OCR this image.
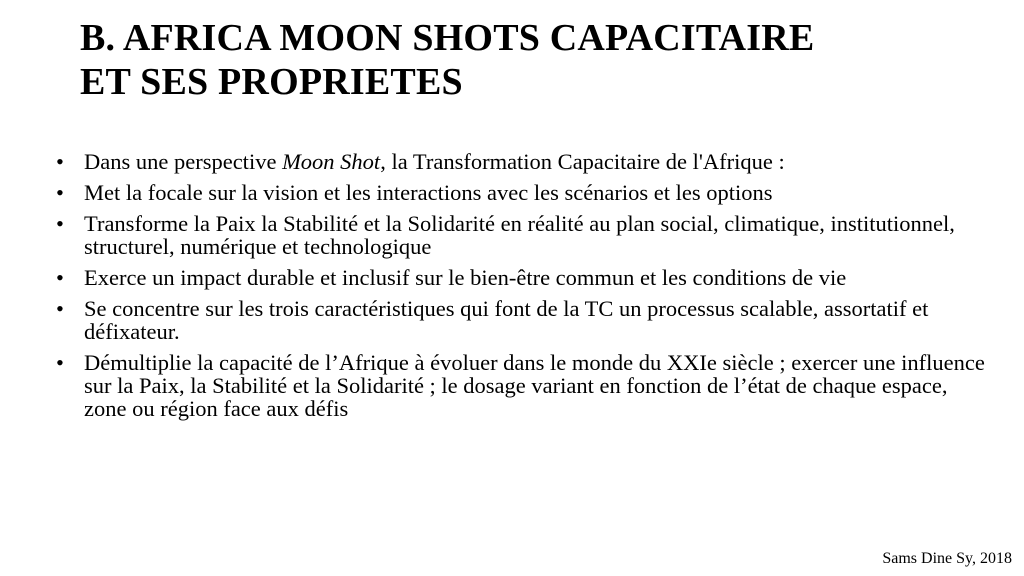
B. AFRICA MOON SHOTS CAPACITAIRE
ET SES PROPRIETES
• Dans une perspective Moon Shot, la Transformation Capacitaire de l'Afrique :
• Met la focale sur la vision et les interactions avec les scénarios et les options
• Transforme la Paix la Stabilité et la Solidarité en réalité au plan social, climatique, institutionnel, structurel, numérique et technologique
• Exerce un impact durable et inclusif sur le bien-être commun et les conditions de vie
• Se concentre sur les trois caractéristiques qui font de la TC un processus scalable, assortatif et défixateur.
• Démultiplie la capacité de l’Afrique à évoluer dans le monde du XXIe siècle ; exercer une influence sur la Paix, la Stabilité et la Solidarité ; le dosage variant en fonction de l’état de chaque espace, zone ou région face aux défis
Sams Dine Sy, 2018
